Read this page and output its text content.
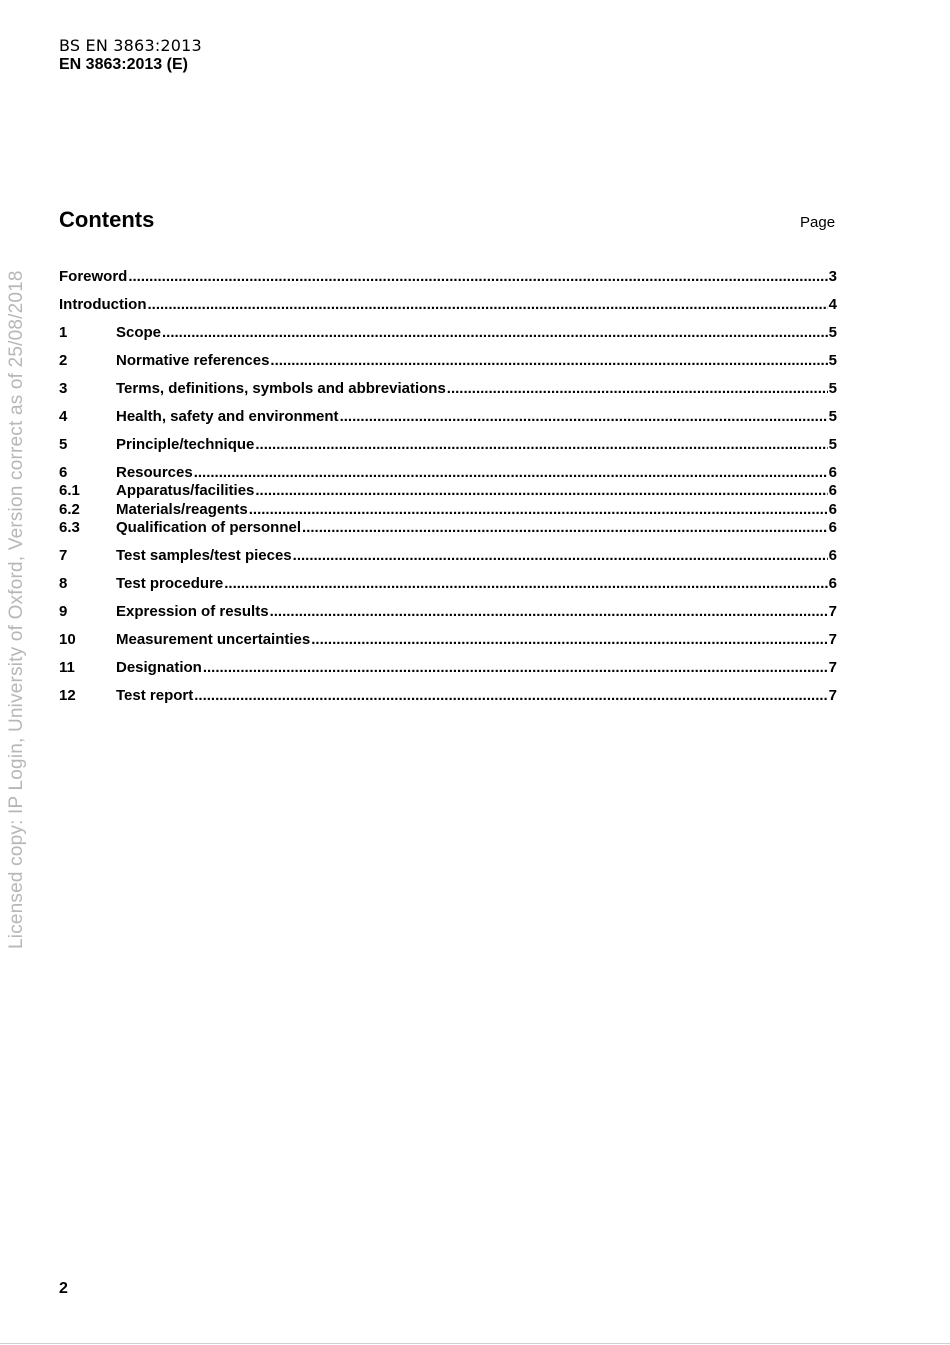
BS EN 3863:2013
EN 3863:2013 (E)
Contents	Page
Foreword .....	3
Introduction .....	4
1	Scope .....	5
2	Normative references .....	5
3	Terms, definitions, symbols and abbreviations .....	5
4	Health, safety and environment .....	5
5	Principle/technique .....	5
6	Resources .....	6
6.1	Apparatus/facilities .....	6
6.2	Materials/reagents .....	6
6.3	Qualification of personnel .....	6
7	Test samples/test pieces .....	6
8	Test procedure .....	6
9	Expression of results .....	7
10	Measurement uncertainties .....	7
11	Designation .....	7
12	Test report .....	7
Licensed copy: IP Login, University of Oxford, Version correct as of 25/08/2018
2
